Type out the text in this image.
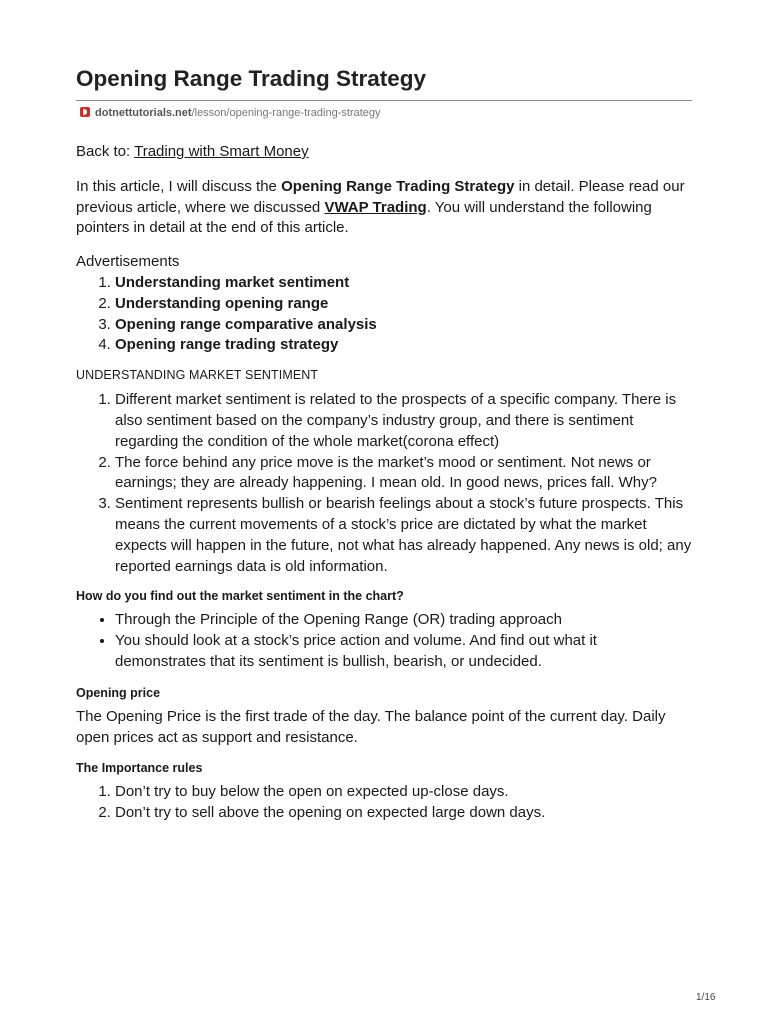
Opening Range Trading Strategy
dotnettutorials.net/lesson/opening-range-trading-strategy

Back to: Trading with Smart Money

In this article, I will discuss the Opening Range Trading Strategy in detail. Please read our previous article, where we discussed VWAP Trading. You will understand the following pointers in detail at the end of this article.

Advertisements

1. Understanding market sentiment
2. Understanding opening range
3. Opening range comparative analysis
4. Opening range trading strategy
UNDERSTANDING MARKET SENTIMENT
1. Different market sentiment is related to the prospects of a specific company. There is also sentiment based on the company’s industry group, and there is sentiment regarding the condition of the whole market(corona effect)
2. The force behind any price move is the market’s mood or sentiment. Not news or earnings; they are already happening. I mean old. In good news, prices fall. Why?
3. Sentiment represents bullish or bearish feelings about a stock’s future prospects. This means the current movements of a stock’s price are dictated by what the market expects will happen in the future, not what has already happened. Any news is old; any reported earnings data is old information.
How do you find out the market sentiment in the chart?
• Through the Principle of the Opening Range (OR) trading approach
• You should look at a stock’s price action and volume. And find out what it demonstrates that its sentiment is bullish, bearish, or undecided.
Opening price

The Opening Price is the first trade of the day. The balance point of the current day. Daily open prices act as support and resistance.

The Importance rules
1. Don’t try to buy below the open on expected up-close days.
2. Don’t try to sell above the opening on expected large down days.
1/16
